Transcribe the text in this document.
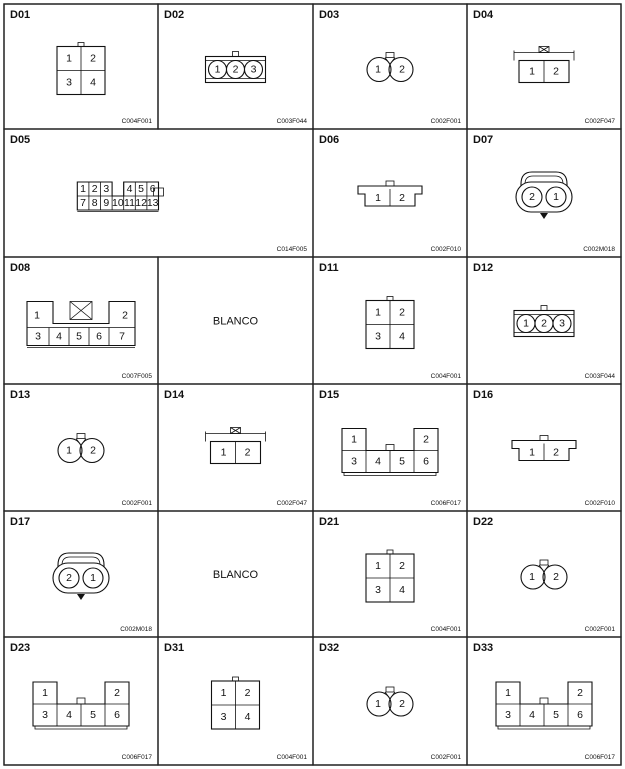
D01
C004F001
1 2
3 4
D02
C003F044
1 2 3
D03
C002F001
1 2
D04
C002F047
1 2
D05
C014F005
1 2 3 4 5 6
7 8 9 10 11 12 13
D06
C002F010
1 2
D07
C002M018
2 1
D08
C007F005
1	2
3 4 5 6 7
BLANCO
D11
C004F001
1 2
3 4
D12
C003F044
1 2 3
D13
C002F001
1 2
D14
C002F047
1 2
D15
C006F017
1	2
3 4 5 6
D16
C002F010
1 2
D17
C002M018
2 1	BLANCO
D21
C004F001
1 2
3 4
D22
C002F001
1 2
D23
C006F017
1	2
3 4 5 6
D31
C004F001
1 2
3 4
D32
C002F001
1 2
D33
C006F017
1	2
3 4 5 6
